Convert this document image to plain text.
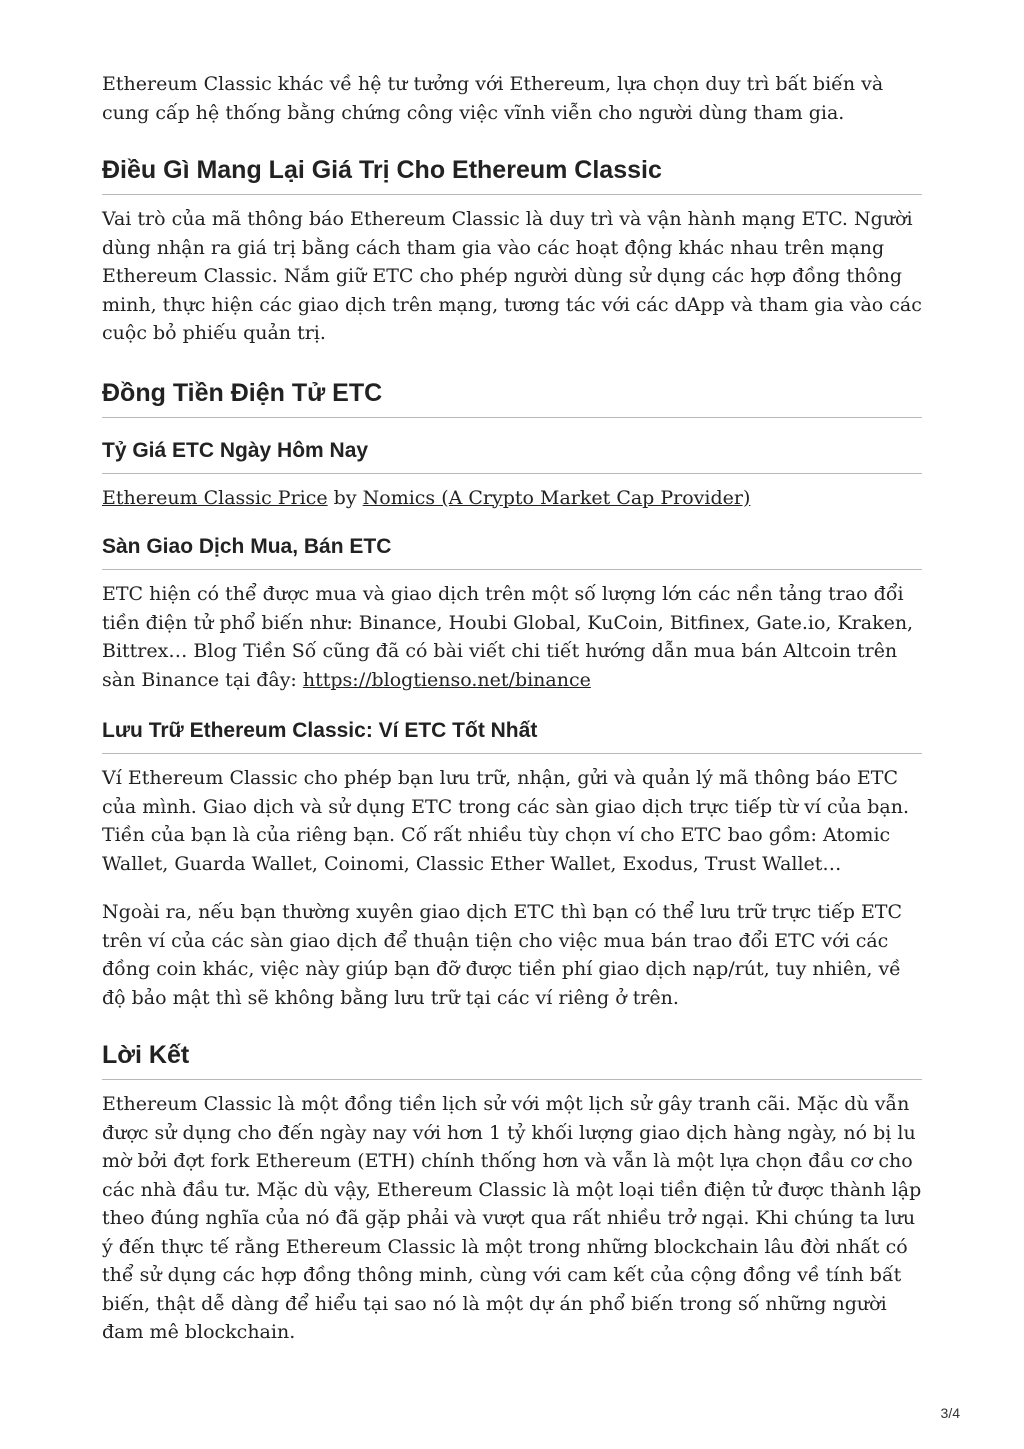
Ethereum Classic khác về hệ tư tưởng với Ethereum, lựa chọn duy trì bất biến và cung cấp hệ thống bằng chứng công việc vĩnh viễn cho người dùng tham gia.

Điều Gì Mang Lại Giá Trị Cho Ethereum Classic

Vai trò của mã thông báo Ethereum Classic là duy trì và vận hành mạng ETC. Người dùng nhận ra giá trị bằng cách tham gia vào các hoạt động khác nhau trên mạng Ethereum Classic. Nắm giữ ETC cho phép người dùng sử dụng các hợp đồng thông minh, thực hiện các giao dịch trên mạng, tương tác với các dApp và tham gia vào các cuộc bỏ phiếu quản trị.

Đồng Tiền Điện Tử ETC
Tỷ Giá ETC Ngày Hôm Nay

Ethereum Classic Price by Nomics (A Crypto Market Cap Provider)

Sàn Giao Dịch Mua, Bán ETC

ETC hiện có thể được mua và giao dịch trên một số lượng lớn các nền tảng trao đổi tiền điện tử phổ biến như: Binance, Houbi Global, KuCoin, Bitfinex, Gate.io, Kraken, Bittrex… Blog Tiền Số cũng đã có bài viết chi tiết hướng dẫn mua bán Altcoin trên sàn Binance tại đây: https://blogtienso.net/binance

Lưu Trữ Ethereum Classic: Ví ETC Tốt Nhất

Ví Ethereum Classic cho phép bạn lưu trữ, nhận, gửi và quản lý mã thông báo ETC của mình. Giao dịch và sử dụng ETC trong các sàn giao dịch trực tiếp từ ví của bạn. Tiền của bạn là của riêng bạn. Cố rất nhiều tùy chọn ví cho ETC bao gồm: Atomic Wallet, Guarda Wallet, Coinomi, Classic Ether Wallet, Exodus, Trust Wallet…

Ngoài ra, nếu bạn thường xuyên giao dịch ETC thì bạn có thể lưu trữ trực tiếp ETC trên ví của các sàn giao dịch để thuận tiện cho việc mua bán trao đổi ETC với các đồng coin khác, việc này giúp bạn đỡ được tiền phí giao dịch nạp/rút, tuy nhiên, về độ bảo mật thì sẽ không bằng lưu trữ tại các ví riêng ở trên.

Lời Kết

Ethereum Classic là một đồng tiền lịch sử với một lịch sử gây tranh cãi. Mặc dù vẫn được sử dụng cho đến ngày nay với hơn 1 tỷ khối lượng giao dịch hàng ngày, nó bị lu mờ bởi đợt fork Ethereum (ETH) chính thống hơn và vẫn là một lựa chọn đầu cơ cho các nhà đầu tư. Mặc dù vậy, Ethereum Classic là một loại tiền điện tử được thành lập theo đúng nghĩa của nó đã gặp phải và vượt qua rất nhiều trở ngại. Khi chúng ta lưu ý đến thực tế rằng Ethereum Classic là một trong những blockchain lâu đời nhất có thể sử dụng các hợp đồng thông minh, cùng với cam kết của cộng đồng về tính bất biến, thật dễ dàng để hiểu tại sao nó là một dự án phổ biến trong số những người đam mê blockchain.

3/4
